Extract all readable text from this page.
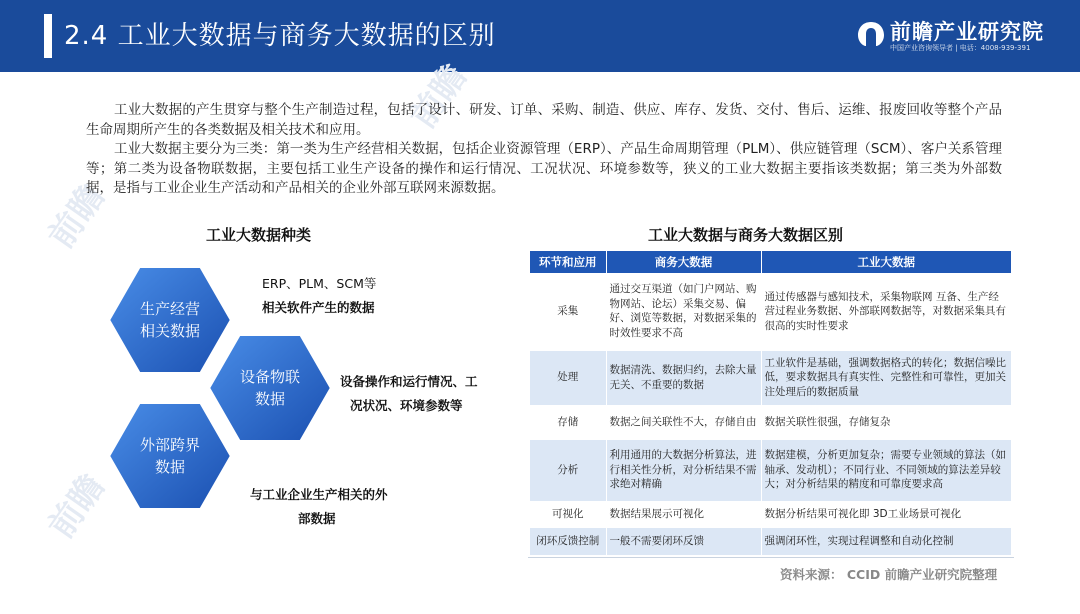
2.4 工业大数据与商务大数据的区别	前瞻产业研究院
中国产业咨询领导者 | 电话：4008-939-391
前瞻
前瞻
前瞻

工业大数据的产生贯穿与整个生产制造过程，包括了设计、研发、订单、采购、制造、供应、库存、发货、交付、售后、运维、报废回收等整个产品生命周期所产生的各类数据及相关技术和应用。

工业大数据主要分为三类：第一类为生产经营相关数据，包括企业资源管理（ERP）、产品生命周期管理（PLM）、供应链管理（SCM）、客户关系管理等；第二类为设备物联数据，主要包括工业生产设备的操作和运行情况、工况状况、环境参数等，狭义的工业大数据主要指该类数据；第三类为外部数据，是指与工业企业生产活动和产品相关的企业外部互联网来源数据。

工业大数据种类
生产经营
相关数据
设备物联
数据
外部跨界
数据
ERP、PLM、SCM等
相关软件产生的数据
设备操作和运行情况、工
况状况、环境参数等
与工业企业生产相关的外
部数据
工业大数据与商务大数据区别
环节和应用	商务大数据	工业大数据
采集	通过交互渠道（如门户网站、购物网站、论坛）采集交易、偏好、浏览等数据，对数据采集的时效性要求不高	通过传感器与感知技术，采集物联网 互备、生产经营过程业务数据、外部联网数据等，对数据采集具有很高的实时性要求
处理	数据清洗、数据归约，去除大量无关、不重要的数据	工业软件是基础，强调数据格式的转化；数据信噪比低，要求数据具有真实性、完整性和可靠性，更加关注处理后的数据质量
存储	数据之间关联性不大，存储自由	数据关联性很强，存储复杂
分析	利用通用的大数据分析算法，进行相关性分析，对分析结果不需求绝对精确	数据建模，分析更加复杂；需要专业领域的算法（如轴承、发动机）；不同行业、不同领域的算法差异较大；对分析结果的精度和可靠度要求高
可视化	数据结果展示可视化	数据分析结果可视化即 3D工业场景可视化
闭环反馈控制	一般不需要闭环反馈	强调闭环性，实现过程调整和自动化控制
资料来源： CCID 前瞻产业研究院整理
